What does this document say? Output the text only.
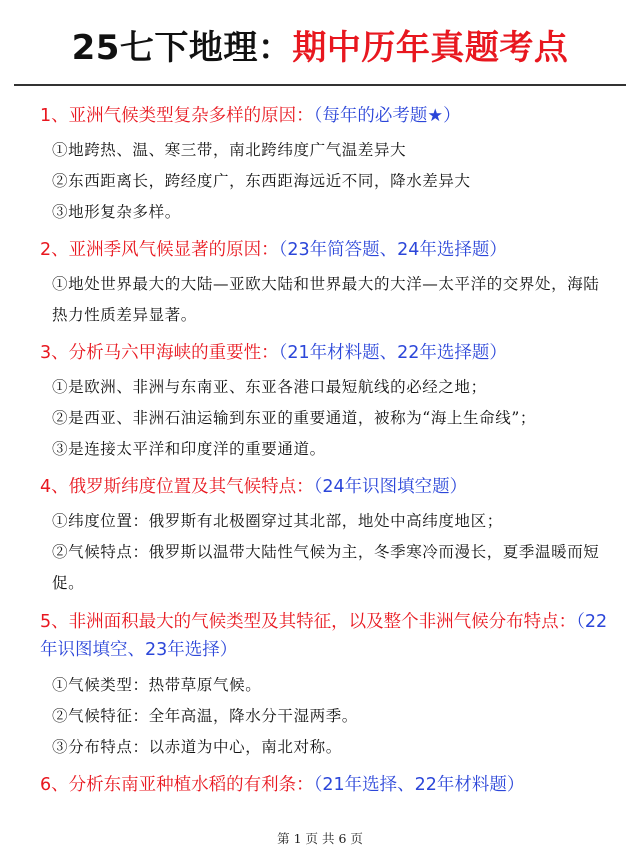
25七下地理： 期中历年真题考点
1、亚洲气候类型复杂多样的原因：（每年的必考题★）
①地跨热、温、寒三带，南北跨纬度广气温差异大
②东西距离长，跨经度广，东西距海远近不同，降水差异大
③地形复杂多样。
2、亚洲季风气候显著的原因：（23年简答题、24年选择题）
①地处世界最大的大陆—亚欧大陆和世界最大的大洋—太平洋的交界处，海陆热力性质差异显著。
3、分析马六甲海峡的重要性：（21年材料题、22年选择题）
①是欧洲、非洲与东南亚、东亚各港口最短航线的必经之地；
②是西亚、非洲石油运输到东亚的重要通道，被称为“海上生命线”；
③是连接太平洋和印度洋的重要通道。
4、俄罗斯纬度位置及其气候特点：（24年识图填空题）
①纬度位置：俄罗斯有北极圈穿过其北部，地处中高纬度地区；
②气候特点：俄罗斯以温带大陆性气候为主，冬季寒冷而漫长，夏季温暖而短促。
5、非洲面积最大的气候类型及其特征，以及整个非洲气候分布特点：（22年识图填空、23年选择）
①气候类型：热带草原气候。
②气候特征：全年高温，降水分干湿两季。
③分布特点：以赤道为中心，南北对称。
6、分析东南亚种植水稻的有利条：（21年选择、22年材料题）
第 1 页 共 6 页
